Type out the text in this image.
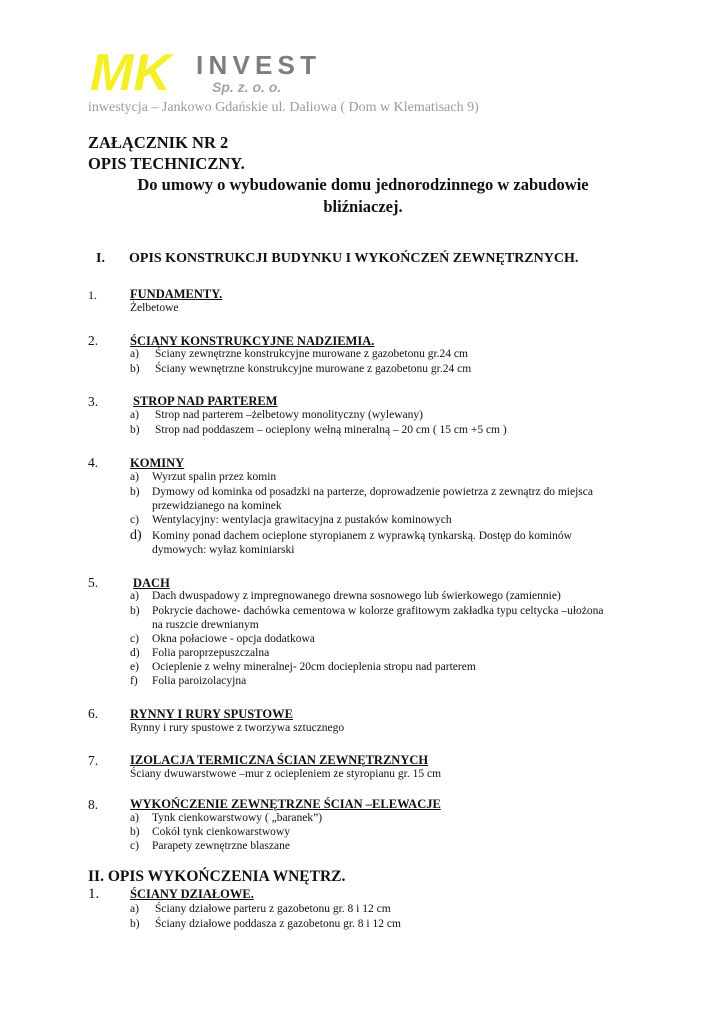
MK INVEST
Sp. z. o. o.
inwestycja – Jankowo Gdańskie ul. Daliowa ( Dom w Klematisach 9)
ZAŁĄCZNIK NR 2
OPIS TECHNICZNY.
Do umowy o wybudowanie domu jednorodzinnego w zabudowie
bliźniaczej.
I. OPIS KONSTRUKCJI BUDYNKU I WYKOŃCZEŃ ZEWNĘTRZNYCH.
1.	FUNDAMENTY.
Żelbetowe
2.	ŚCIANY KONSTRUKCYJNE NADZIEMIA.
a) Ściany zewnętrzne konstrukcyjne murowane z gazobetonu gr.24 cm
b) Ściany wewnętrzne konstrukcyjne murowane z gazobetonu gr.24 cm
3.	STROP NAD PARTEREM
a) Strop nad parterem –żelbetowy monolityczny (wylewany)
b) Strop nad poddaszem – ocieplony wełną mineralną – 20 cm ( 15 cm +5 cm )
4.	KOMINY
a) Wyrzut spalin przez komin
b) Dymowy od kominka od posadzki na parterze, doprowadzenie powietrza z zewnątrz do miejsca
przewidzianego na kominek
c) Wentylacyjny: wentylacja grawitacyjna z pustaków kominowych
d) Kominy ponad dachem ocieplone styropianem z wyprawką tynkarską. Dostęp do kominów
dymowych: wyłaz kominiarski
5.	DACH
a) Dach dwuspadowy z impregnowanego drewna sosnowego lub świerkowego (zamiennie)
b) Pokrycie dachowe- dachówka cementowa w kolorze grafitowym zakładka typu celtycka –ułożona
na ruszcie drewnianym
c) Okna połaciowe - opcja dodatkowa
d) Folia paroprzepuszczalna
e) Ocieplenie z wełny mineralnej- 20cm docieplenia stropu nad parterem
f) Folia paroizolacyjna
6.	RYNNY I RURY SPUSTOWE
Rynny i rury spustowe z tworzywa sztucznego
7.	IZOLACJA TERMICZNA ŚCIAN ZEWNĘTRZNYCH
Ściany dwuwarstwowe –mur z ociepleniem ze styropianu gr. 15 cm
8.	WYKOŃCZENIE ZEWNĘTRZNE ŚCIAN –ELEWACJE
a) Tynk cienkowarstwowy ( „baranek”)
b) Cokół tynk cienkowarstwowy
c) Parapety zewnętrzne blaszane
II. OPIS WYKOŃCZENIA WNĘTRZ.
1. ŚCIANY DZIAŁOWE.
a) Ściany działowe parteru z gazobetonu gr. 8 i 12 cm
b) Ściany działowe poddasza z gazobetonu gr. 8 i 12 cm
